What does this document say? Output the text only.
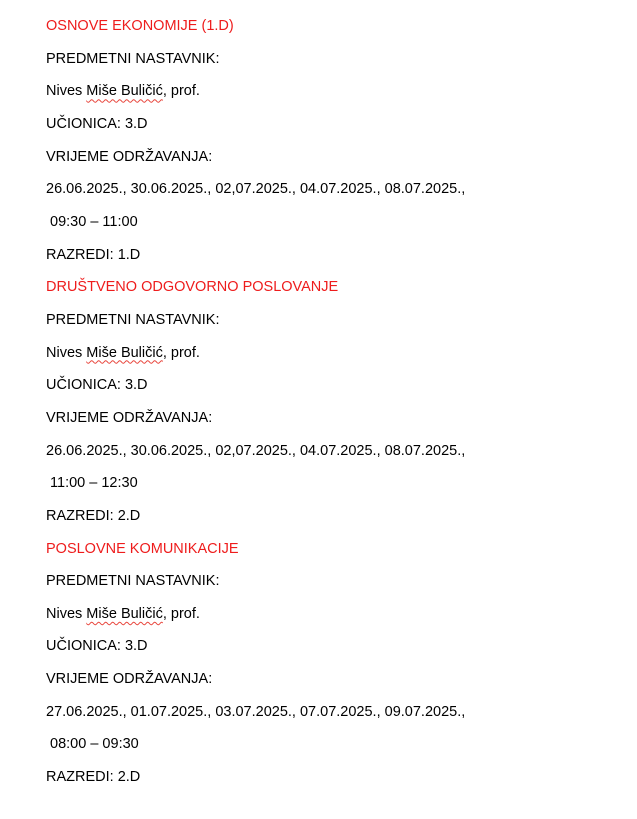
OSNOVE EKONOMIJE (1.D)
PREDMETNI NASTAVNIK:
Nives Miše Buličić, prof.
UČIONICA: 3.D
VRIJEME ODRŽAVANJA:
26.06.2025., 30.06.2025., 02,07.2025., 04.07.2025., 08.07.2025.,
09:30 – 11:00
RAZREDI: 1.D
DRUŠTVENO ODGOVORNO POSLOVANJE
PREDMETNI NASTAVNIK:
Nives Miše Buličić, prof.
UČIONICA: 3.D
VRIJEME ODRŽAVANJA:
26.06.2025., 30.06.2025., 02,07.2025., 04.07.2025., 08.07.2025.,
11:00 – 12:30
RAZREDI: 2.D
POSLOVNE KOMUNIKACIJE
PREDMETNI NASTAVNIK:
Nives Miše Buličić, prof.
UČIONICA: 3.D
VRIJEME ODRŽAVANJA:
27.06.2025., 01.07.2025., 03.07.2025., 07.07.2025., 09.07.2025.,
08:00 – 09:30
RAZREDI: 2.D
